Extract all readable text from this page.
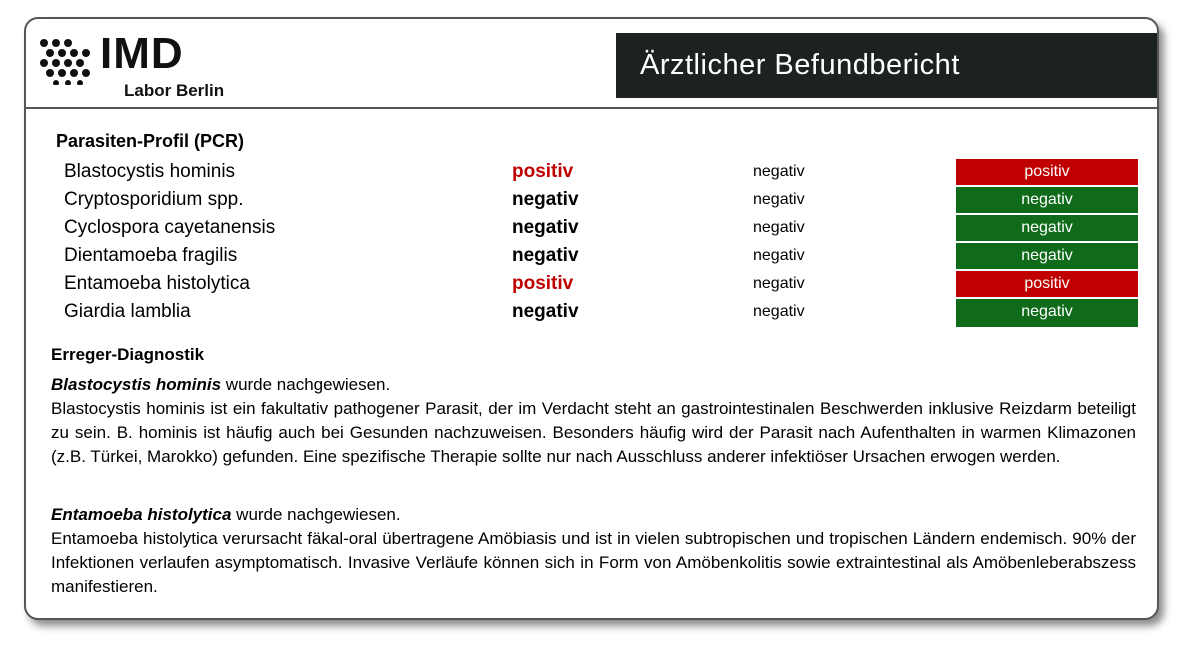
IMD
Labor Berlin
Ärztlicher Befundbericht
Parasiten-Profil (PCR)
Blastocystis hominis	positiv	negativ	positiv
Cryptosporidium spp.	negativ	negativ	negativ
Cyclospora cayetanensis	negativ	negativ	negativ
Dientamoeba fragilis	negativ	negativ	negativ
Entamoeba histolytica	positiv	negativ	positiv
Giardia lamblia	negativ	negativ	negativ
Erreger-Diagnostik
Blastocystis hominis wurde nachgewiesen.
Blastocystis hominis ist ein fakultativ pathogener Parasit, der im Verdacht steht an gastrointestinalen Beschwerden inklusive Reizdarm beteiligt zu sein. B. hominis ist häufig auch bei Gesunden nachzuweisen. Besonders häufig wird der Parasit nach Aufenthalten in warmen Klimazonen (z.B. Türkei, Marokko) gefunden. Eine spezifische Therapie sollte nur nach Ausschluss anderer infektiöser Ursachen erwogen werden.
Entamoeba histolytica wurde nachgewiesen.
Entamoeba histolytica verursacht fäkal-oral übertragene Amöbiasis und ist in vielen subtropischen und tropischen Ländern endemisch. 90% der Infektionen verlaufen asymptomatisch. Invasive Verläufe können sich in Form von Amöbenkolitis sowie extraintestinal als Amöbenleberabszess manifestieren.
